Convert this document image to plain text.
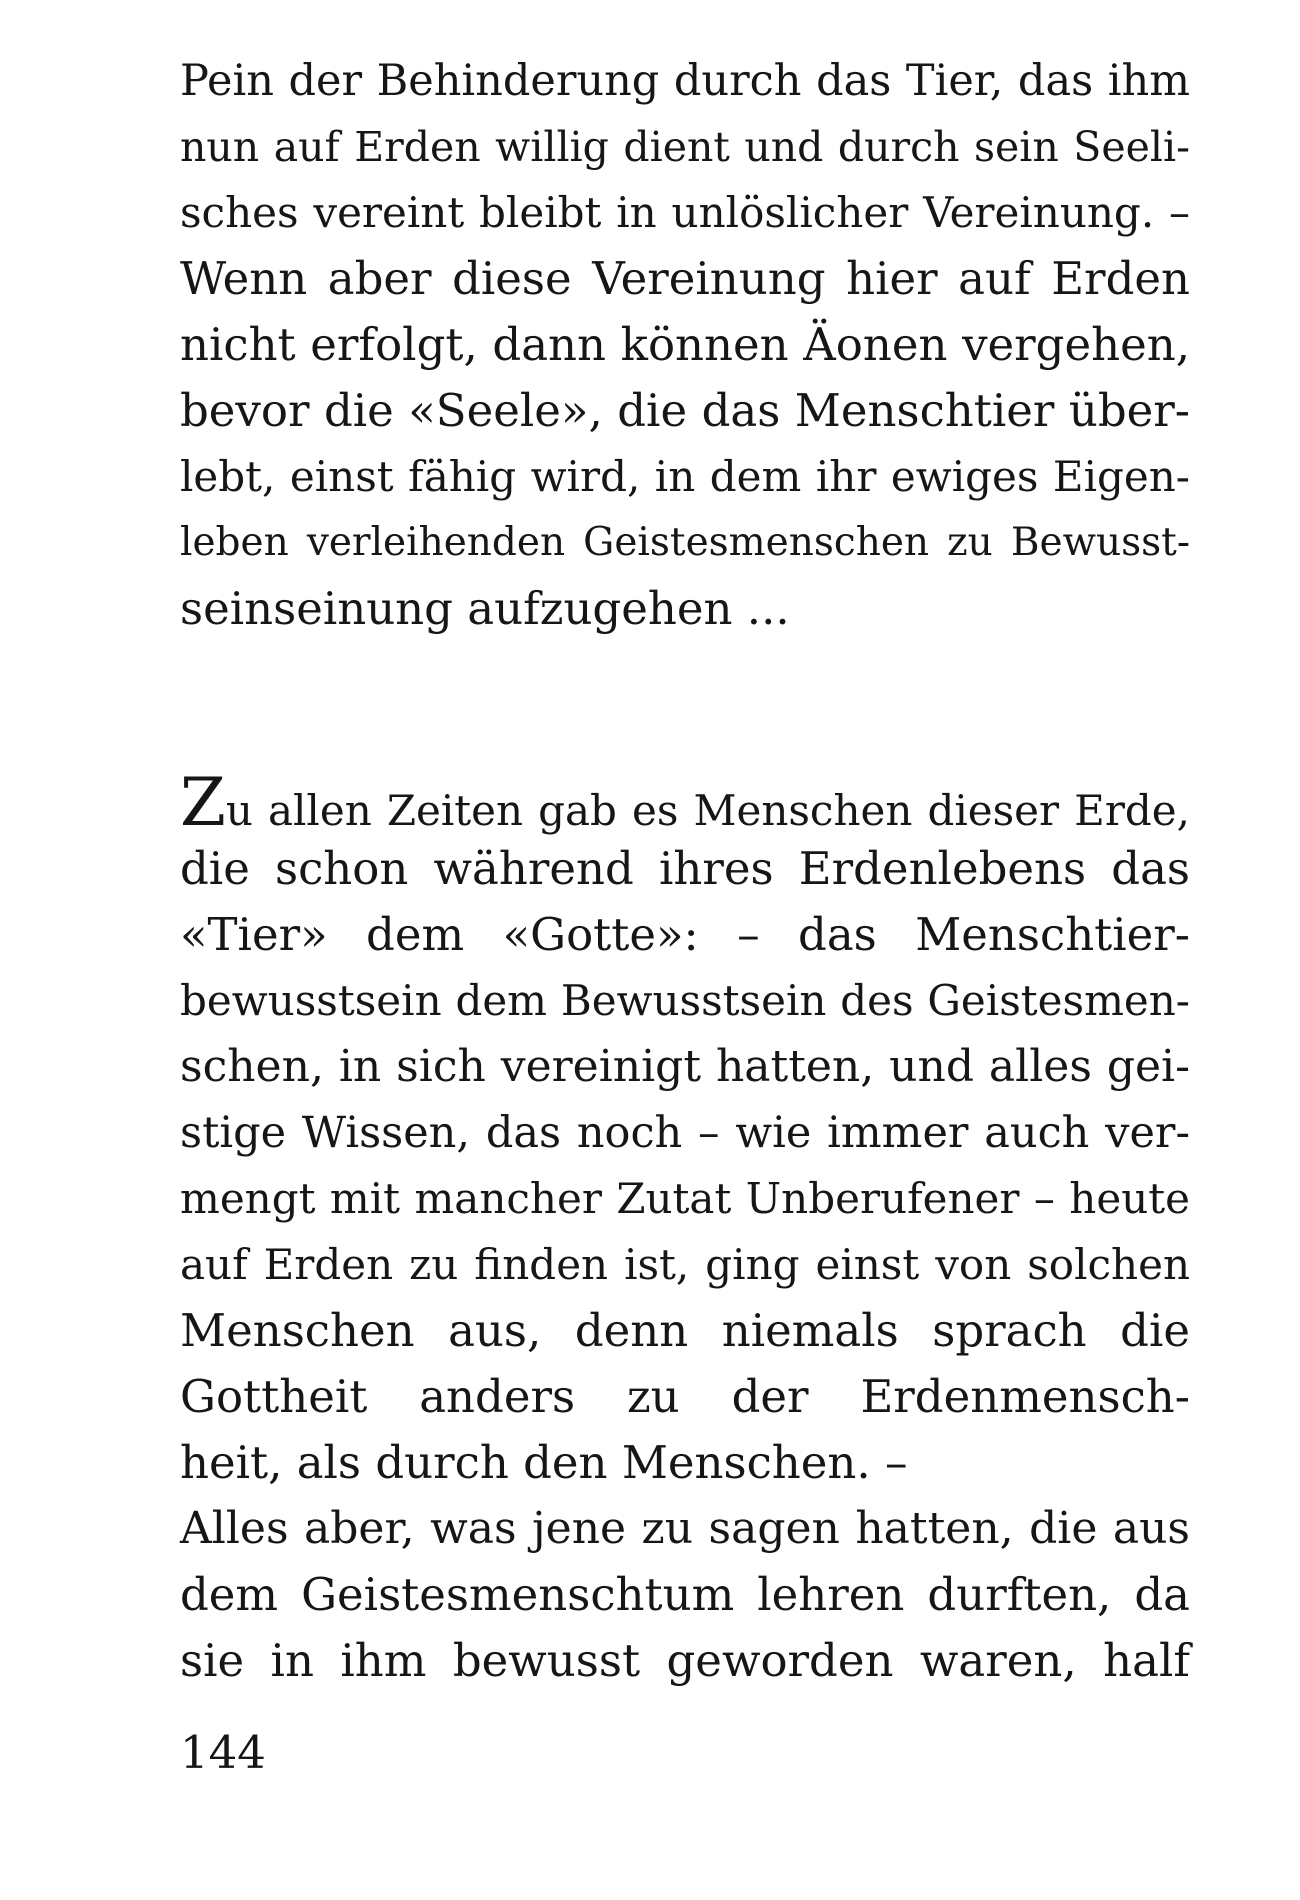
Pein der Behinderung durch das Tier, das ihm
nun auf Erden willig dient und durch sein Seeli-
sches vereint bleibt in unlöslicher Vereinung. –
Wenn aber diese Vereinung hier auf Erden
nicht erfolgt, dann können Äonen vergehen,
bevor die «Seele», die das Menschtier über-
lebt, einst fähig wird, in dem ihr ewiges Eigen-
leben verleihenden Geistesmenschen zu Bewusst-
seinseinung aufzugehen ...
Zu allen Zeiten gab es Menschen dieser Erde,
die schon während ihres Erdenlebens das
«Tier» dem «Gotte»: – das Menschtier-
bewusstsein dem Bewusstsein des Geistesmen-
schen, in sich vereinigt hatten, und alles gei-
stige Wissen, das noch – wie immer auch ver-
mengt mit mancher Zutat Unberufener – heute
auf Erden zu finden ist, ging einst von solchen
Menschen aus, denn niemals sprach die
Gottheit anders zu der Erdenmensch-
heit, als durch den Menschen. –
Alles aber, was jene zu sagen hatten, die aus
dem Geistesmenschtum lehren durften, da
sie in ihm bewusst geworden waren, half
144
